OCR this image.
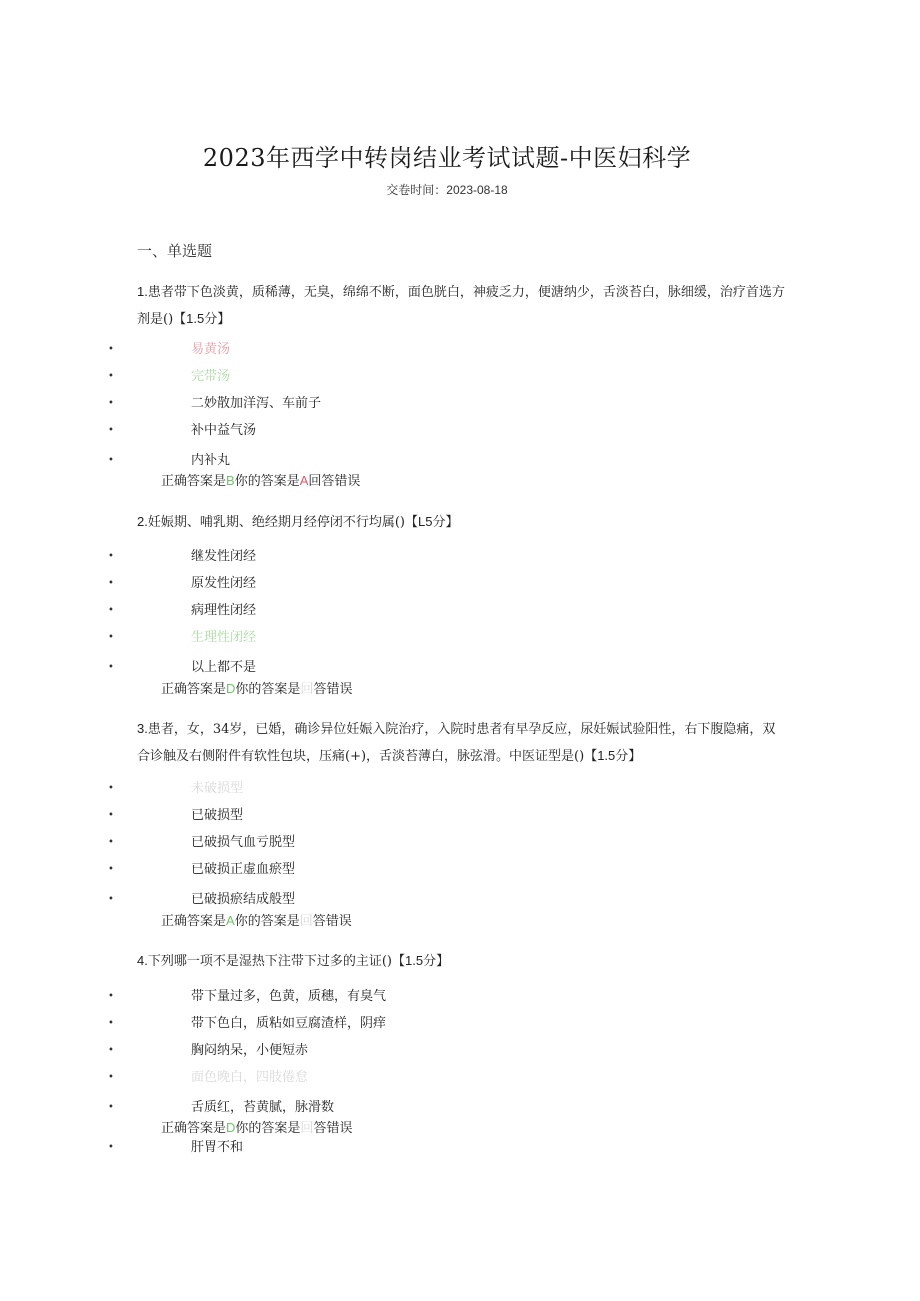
2023年西学中转岗结业考试试题-中医妇科学
交卷时间：2023-08-18
一、单选题
1.患者带下色淡黄，质稀薄，无臭，绵绵不断，面色胱白，神疲乏力，便溏纳少，舌淡苔白，脉细缓，治疗首选方剂是()【1.5分】
•	易黄汤
•	完带汤
•	二妙散加洋泻、车前子
•	补中益气汤
•	内补丸
正确答案是B你的答案是A回答错误
2.妊娠期、哺乳期、绝经期月经停闭不行均属()【L5分】
•	继发性闭经
•	原发性闭经
•	病理性闭经
•	生理性闭经
•	以上都不是
正确答案是D你的答案是回答错误
3.患者，女，34岁，已婚，确诊异位妊娠入院治疗，入院时患者有早孕反应，尿妊娠试验阳性，右下腹隐痛，双合诊触及右侧附件有软性包块，压痛(+)，舌淡苔薄白，脉弦滑。中医证型是()【1.5分】
•	未破损型
•	已破损型
•	已破损气血亏脱型
•	已破损正虚血瘀型
•	已破损瘀结成般型
正确答案是A你的答案是回答错误
4.下列哪一项不是湿热下注带下过多的主证()【1.5分】
•	带下量过多，色黄，质穗，有臭气
•	带下色白，质粘如豆腐渣样，阴痒
•	胸闷纳呆，小便短赤
•	面色晚白，四肢倦怠
•	舌质红，苔黄腻，脉滑数
正确答案是D你的答案是回答错误
•	肝胃不和
